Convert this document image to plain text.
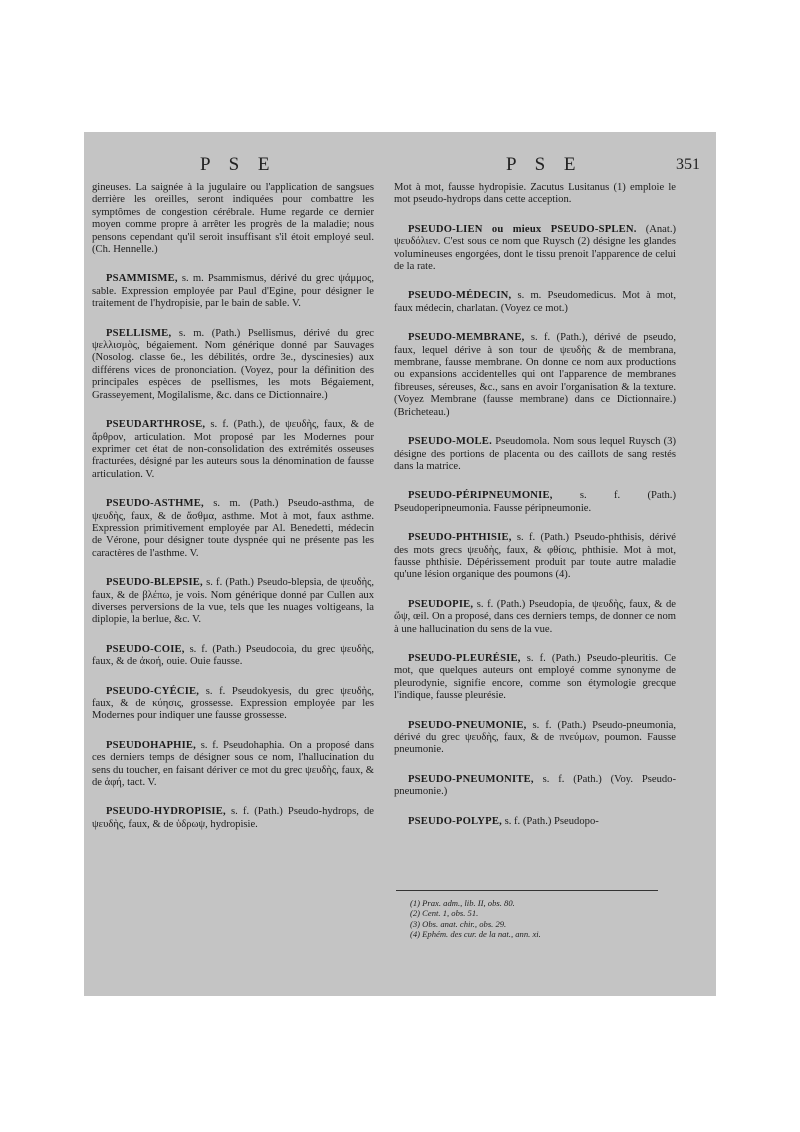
P S E	P S E	351

gineuses. La saignée à la jugulaire ou l'application de sangsues derrière les oreilles, seront indiquées pour combattre les symptômes de congestion cérébrale. Hume regarde ce dernier moyen comme propre à arrêter les progrès de la maladie; nous pensons cependant qu'il seroit insuffisant s'il étoit employé seul. (Ch. Hennelle.)

PSAMMISME, s. m. Psammismus, dérivé du grec ψάμμος, sable. Expression employée par Paul d'Egine, pour désigner le traitement de l'hydropisie, par le bain de sable. V.

PSELLISME, s. m. (Path.) Psellismus, dérivé du grec ψελλισμὸς, bégaiement. Nom générique donné par Sauvages (Nosolog. classe 6e., les débilités, ordre 3e., dyscinesies) aux différens vices de prononciation. (Voyez, pour la définition des principales espèces de psellismes, les mots Bégaiement, Grasseyement, Mogilalisme, &c. dans ce Dictionnaire.)

PSEUDARTHROSE, s. f. (Path.), de ψευδὴς, faux, & de ἄρθρον, articulation. Mot proposé par les Modernes pour exprimer cet état de non-consolidation des extrémités osseuses fracturées, désigné par les auteurs sous la dénomination de fausse articulation. V.

PSEUDO-ASTHME, s. m. (Path.) Pseudo-asthma, de ψευδὴς, faux, & de ἄσθμα, asthme. Mot à mot, faux asthme. Expression primitivement employée par Al. Benedetti, médecin de Vérone, pour désigner toute dyspnée qui ne présente pas les caractères de l'asthme. V.

PSEUDO-BLEPSIE, s. f. (Path.) Pseudo-blepsia, de ψευδὴς, faux, & de βλέπω, je vois. Nom générique donné par Cullen aux diverses perversions de la vue, tels que les nuages voltigeans, la diplopie, la berlue, &c. V.

PSEUDO-COIE, s. f. (Path.) Pseudocoia, du grec ψευδὴς, faux, & de ἀκοή, ouie. Ouie fausse.

PSEUDO-CYÉCIE, s. f. Pseudokyesis, du grec ψευδὴς, faux, & de κύησις, grossesse. Expression employée par les Modernes pour indiquer une fausse grossesse.

PSEUDOHAPHIE, s. f. Pseudohaphia. On a proposé dans ces derniers temps de désigner sous ce nom, l'hallucination du sens du toucher, en faisant dériver ce mot du grec ψευδὴς, faux, & de ἁφή, tact. V.

PSEUDO-HYDROPISIE, s. f. (Path.) Pseudo-hydrops, de ψευδὴς, faux, & de ὑδρωψ, hydropisie.

Mot à mot, fausse hydropisie. Zacutus Lusitanus (1) emploie le mot pseudo-hydrops dans cette acception.

PSEUDO-LIEN ou mieux PSEUDO-SPLEN. (Anat.) ψευδόλιεν. C'est sous ce nom que Ruysch (2) désigne les glandes volumineuses engorgées, dont le tissu prenoit l'apparence de celui de la rate.

PSEUDO-MÉDECIN, s. m. Pseudomedicus. Mot à mot, faux médecin, charlatan. (Voyez ce mot.)

PSEUDO-MEMBRANE, s. f. (Path.), dérivé de pseudo, faux, lequel dérive à son tour de ψευδὴς & de membrana, membrane, fausse membrane. On donne ce nom aux productions ou expansions accidentelles qui ont l'apparence de membranes fibreuses, séreuses, &c., sans en avoir l'organisation & la texture. (Voyez Membrane (fausse membrane) dans ce Dictionnaire.) (Bricheteau.)

PSEUDO-MOLE. Pseudomola. Nom sous lequel Ruysch (3) désigne des portions de placenta ou des caillots de sang restés dans la matrice.

PSEUDO-PÉRIPNEUMONIE,	s. f. (Path.) Pseudoperipneumonia. Fausse péripneumonie.

PSEUDO-PHTHISIE, s. f. (Path.) Pseudo-phthisis, dérivé des mots grecs ψευδὴς, faux, & φθίσις, phthisie. Mot à mot, fausse phthisie. Dépérissement produit par toute autre maladie qu'une lésion organique des poumons (4).

PSEUDOPIE, s. f. (Path.) Pseudopia, de ψευδὴς, faux, & de ὤψ, œil. On a proposé, dans ces derniers temps, de donner ce nom à une hallucination du sens de la vue.

PSEUDO-PLEURÉSIE, s. f. (Path.) Pseudo-pleuritis. Ce mot, que quelques auteurs ont employé comme synonyme de pleurodynie, signifie encore, comme son étymologie grecque l'indique, fausse pleurésie.

PSEUDO-PNEUMONIE, s. f. (Path.) Pseudo-pneumonia, dérivé du grec ψευδὴς, faux, & de πνεύμων, poumon. Fausse pneumonie.

PSEUDO-PNEUMONITE, s. f. (Path.) (Voy. Pseudo-pneumonie.)

PSEUDO-POLYPE, s. f. (Path.) Pseudopo-

(1) Prax. adm., lib. II, obs. 80.

(2) Cent. 1, obs. 51.

(3) Obs. anat. chir., obs. 29.

(4) Ephém. des cur. de la nat., ann. xi.
